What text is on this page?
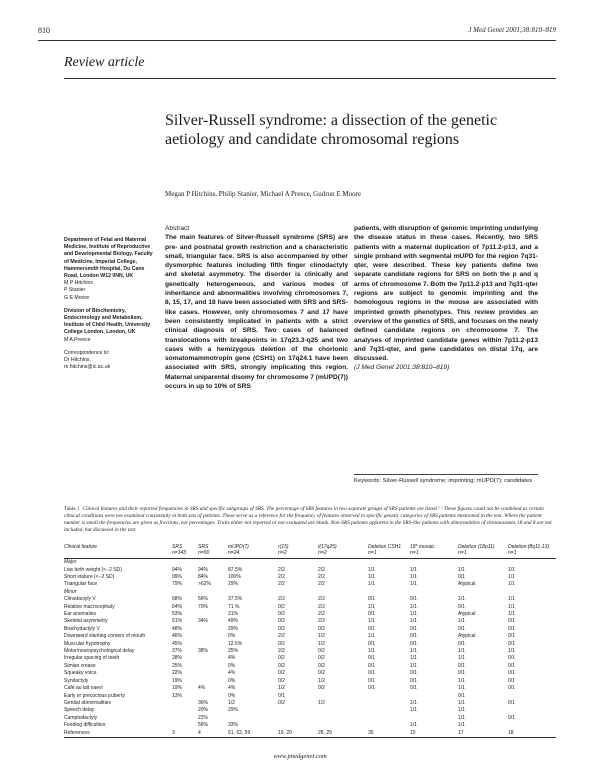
810	J Med Genet 2001;38:810–819
Review article
Silver-Russell syndrome: a dissection of the genetic aetiology and candidate chromosomal regions
Megan P Hitchins, Philip Stanier, Michael A Preece, Gudrun E Moore
Department of Fetal and Maternal Medicine, Institute of Reproductive and Developmental Biology, Faculty of Medicine, Imperial College, Hammersmith Hospital, Du Cane Road, London W12 0NN, UK
M P Hitchins
P Stanier
G E Moore
Division of Biochemistry, Endocrinology and Metabolism, Institute of Child Health, University College London, London, UK
M A Preece
Correspondence to:
Dr Hitchins,
m.hitchins@ic.ac.uk
Abstract
The main features of Silver-Russell syndrome (SRS) are pre- and postnatal growth restriction and a characteristic small, triangular face. SRS is also accompanied by other dysmorphic features including fifth finger clinodactyly and skeletal asymmetry. The disorder is clinically and genetically heterogeneous, and various modes of inheritance and abnormalities involving chromosomes 7, 8, 15, 17, and 18 have been associated with SRS and SRS-like cases. However, only chromosomes 7 and 17 have been consistently implicated in patients with a strict clinical diagnosis of SRS. Two cases of balanced translocations with breakpoints in 17q23.3-q25 and two cases with a hemizygous deletion of the chorionic somatomammotropin gene (CSH1) on 17q24.1 have been associated with SRS, strongly implicating this region. Maternal uniparental disomy for chromosome 7 (mUPD(7)) occurs in up to 10% of SRS
patients, with disruption of genomic imprinting underlying the disease status in these cases. Recently, two SRS patients with a maternal duplication of 7p11.2-p13, and a single proband with segmental mUPD for the region 7q31-qter, were described. These key patients define two separate candidate regions for SRS on both the p and q arms of chromosome 7. Both the 7p11.2-p13 and 7q31-qter regions are subject to genomic imprinting and the homologous regions in the mouse are associated with imprinted growth phenotypes. This review provides an overview of the genetics of SRS, and focuses on the newly defined candidate regions on chromosome 7. The analyses of imprinted candidate genes within 7p11.2-p13 and 7q31-qter, and gene candidates on distal 17q, are discussed.
(J Med Genet 2001;38:810–819)
Keywords: Silver-Russell syndrome; imprinting; mUPD(7); candidates
Table 1 Clinical features and their reported frequencies in SRS and specific subgroups of SRS. The percentage of SRS features in two separate groups of SRS patients are listed.¹ ² These figures could not be combined as certain clinical conditions were not examined consistently in both sets of patients. These serve as a reference for the frequency of features observed in specific genetic categories of SRS patients mentioned in the text. Where the patient number is small the frequencies are given as fractions, not percentages. Traits either not reported or not evaluated are blank. Non-SRS patients apparent in the SRS-like patients with abnormalities of chromosomes 18 and 8 are not included, but discussed in the text
Clinical feature	SRS	SRS	mUPD(7)	r(15)	t(17q25)	Deletion CSH1	18* mosaic	Deletion (18p11)	Deletion (8q11-13)
	n=143	n=50	n=24	n=2	n=2	n=1	n=1	n=1	n=1
Major									
Low birth weight (<−2 SD)	94%	94%	87.5%	2/2	2/2	1/1	1/1	1/1	1/1
Short stature (<−2 SD)	99%	84%	100%	2/2	2/2	1/1	1/1	0/1	1/1
Triangular face	79%	>62%	29%	2/2	2/2	1/1	1/1	Atypical	1/1
Minor									
Clinodactyly V	68%	56%	37.5%	2/2	2/2	0/1	0/1	1/1	1/1
Relative macrocephaly	64%	70%	71 %	0/2	2/2	1/1	1/1	0/1	1/1
Ear anomalies	53%		21%	0/2	2/2	0/1	1/1	Atypical	1/1
Skeletal asymmetry	51%	34%	49%	0/2	2/2	1/1	1/1	1/1	0/1
Brachydactyly V	48%		29%	0/2	0/2	0/1	0/1	0/1	0/1
Downward slanting corners of mouth	46%		0%	2/2	1/2	1/1	0/1	Atypical	0/1
Muscular hypotrophy	45%		12.5%	0/2	1/2	0/1	0/1	0/1	0/1
Motor/neuropsychological delay	37%	38%	25%	2/2	0/2	1/1	1/1	1/1	1/1
Irregular spacing of teeth	28%		4%	0/2	0/2	0/1	1/1	1/1	0/1
Simian crease	25%		0%	0/2	0/2	0/1	1/1	0/1	0/1
Squeaky voice	22%		4%	0/2	0/2	0/1	0/1	0/1	0/1
Syndactyly	19%		0%	0/2	1/2	0/1	0/1	1/1	0/1
Café au lait naevi	19%	4%	4%	1/2	0/2	0/1	0/1	1/1	0/1
Early or precocious puberty	13%		0%	0/1				0/1	
Genital abnormalities		36%	1/2	0/2	1/2		1/1	1/1	0/1
Speech delay		20%	29%				1/1	1/1	
Camptodactyly		22%						1/1	0/1
Feeding difficulties		56%	33%				1/1	1/1	
References	3	4	51, 52, 59	19, 20	28, 29	35	15	17	18
www.jmedgenet.com
